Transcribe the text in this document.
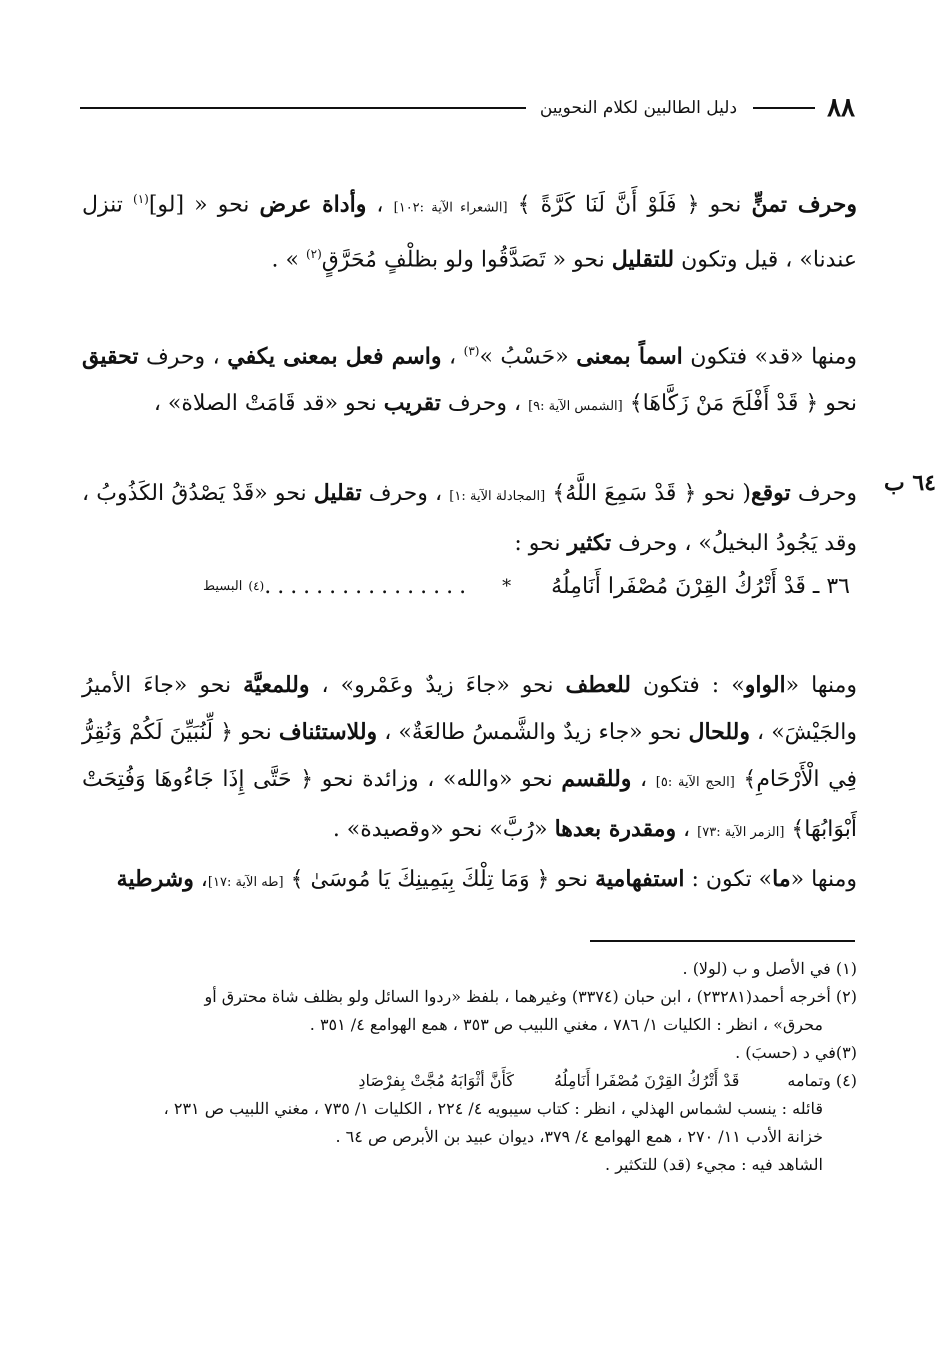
٨٨
دليل الطالبين لكلام النحويين
وحرف تمنٍّ نحو ﴿ فَلَوْ أَنَّ لَنَا كَرَّةً ﴾ [الشعراء الآية :١٠٢] ، وأداة عرض نحو « [لو]$^{(١)}$ تنزل عندنا» ، قيل وتكون للتقليل نحو « تَصَدَّقُوا ولو بظلْفٍ مُحَرَّقٍ$^{(٢)}$ » .
ومنها «قد» فتكون اسماً بمعنى «حَسْبُ »$^{(٣)}$ ، واسم فعل بمعنى يكفي ، وحرف تحقيق نحو ﴿ قَدْ أَفْلَحَ مَنْ زَكَّاهَا﴾ [الشمس الآية :٩] ، وحرف تقريب نحو «قد قَامَتْ الصلاة» ،
٦٤ ب
وحرف توقع( نحو ﴿ قَدْ سَمِعَ اللَّهُ﴾ [المجادلة الآية :١] ، وحرف تقليل نحو «قَدْ يَصْدُقُ الكَذُوبُ ، وقد يَجُودُ البخيلُ» ، وحرف تكثير نحو :
٣٦ ـ قَدْ أَتْرُكُ القِرْنَ مُصْفَرا أَنَامِلُهُ
*
................
(٤)
البسيط
ومنها «الواو» : فتكون للعطف نحو «جاءَ زيدٌ وعَمْرو» ، وللمعيَّة نحو «جاءَ الأميرُ والجَيْشَ» ، وللحال نحو «جاء زيدٌ والشَّمسُ طالعَةٌ» ، وللاستئناف نحو ﴿ لِّنُبَيِّنَ لَكُمْ وَنُقِرُّ فِي الْأَرْحَامِ﴾ [الحج الآية :٥] ، وللقسم نحو «والله» ، وزائدة نحو ﴿ حَتَّى إِذَا جَاءُوهَا وَفُتِحَتْ أَبْوَابُهَا﴾ [الزمر الآية :٧٣] ، ومقدرة بعدها «رُبَّ» نحو «وقصيدة» .
ومنها «ما» تكون : استفهامية نحو ﴿ وَمَا تِلْكَ بِيَمِينِكَ يَا مُوسَىٰ ﴾ [طه الآية :١٧]، وشرطية

(١) في الأصل و ب (لولا) .

(٢) أخرجه أحمد(٢٣٢٨١) ، ابن حبان (٣٣٧٤) وغيرهما ، بلفظ «ردوا السائل ولو بظلف شاة محترق أو

محرق» ، انظر : الكليات ١/ ٧٨٦ ، مغني اللبيب ص ٣٥٣ ، همع الهوامع ٤/ ٣٥١ .

(٣)في د (حسبَ) .

(٤) وتمامه
قَدْ أَتْرُكُ القِرْنَ مُصْفَرا أَنَامِلُهُ
كَأَنَّ أثْوَابَهُ مُجَّتْ بِفرْصَادِ

قائله : ينسب لشماس الهذلي ، انظر : كتاب سيبويه ٤/ ٢٢٤ ، الكليات ١/ ٧٣٥ ، مغني اللبيب ص ٢٣١ ،

خزانة الأدب ١١/ ٢٧٠ ، همع الهوامع ٤/ ٣٧٩، ديوان عبيد بن الأبرص ص ٦٤ .

الشاهد فيه : مجيء (قد) للتكثير .
